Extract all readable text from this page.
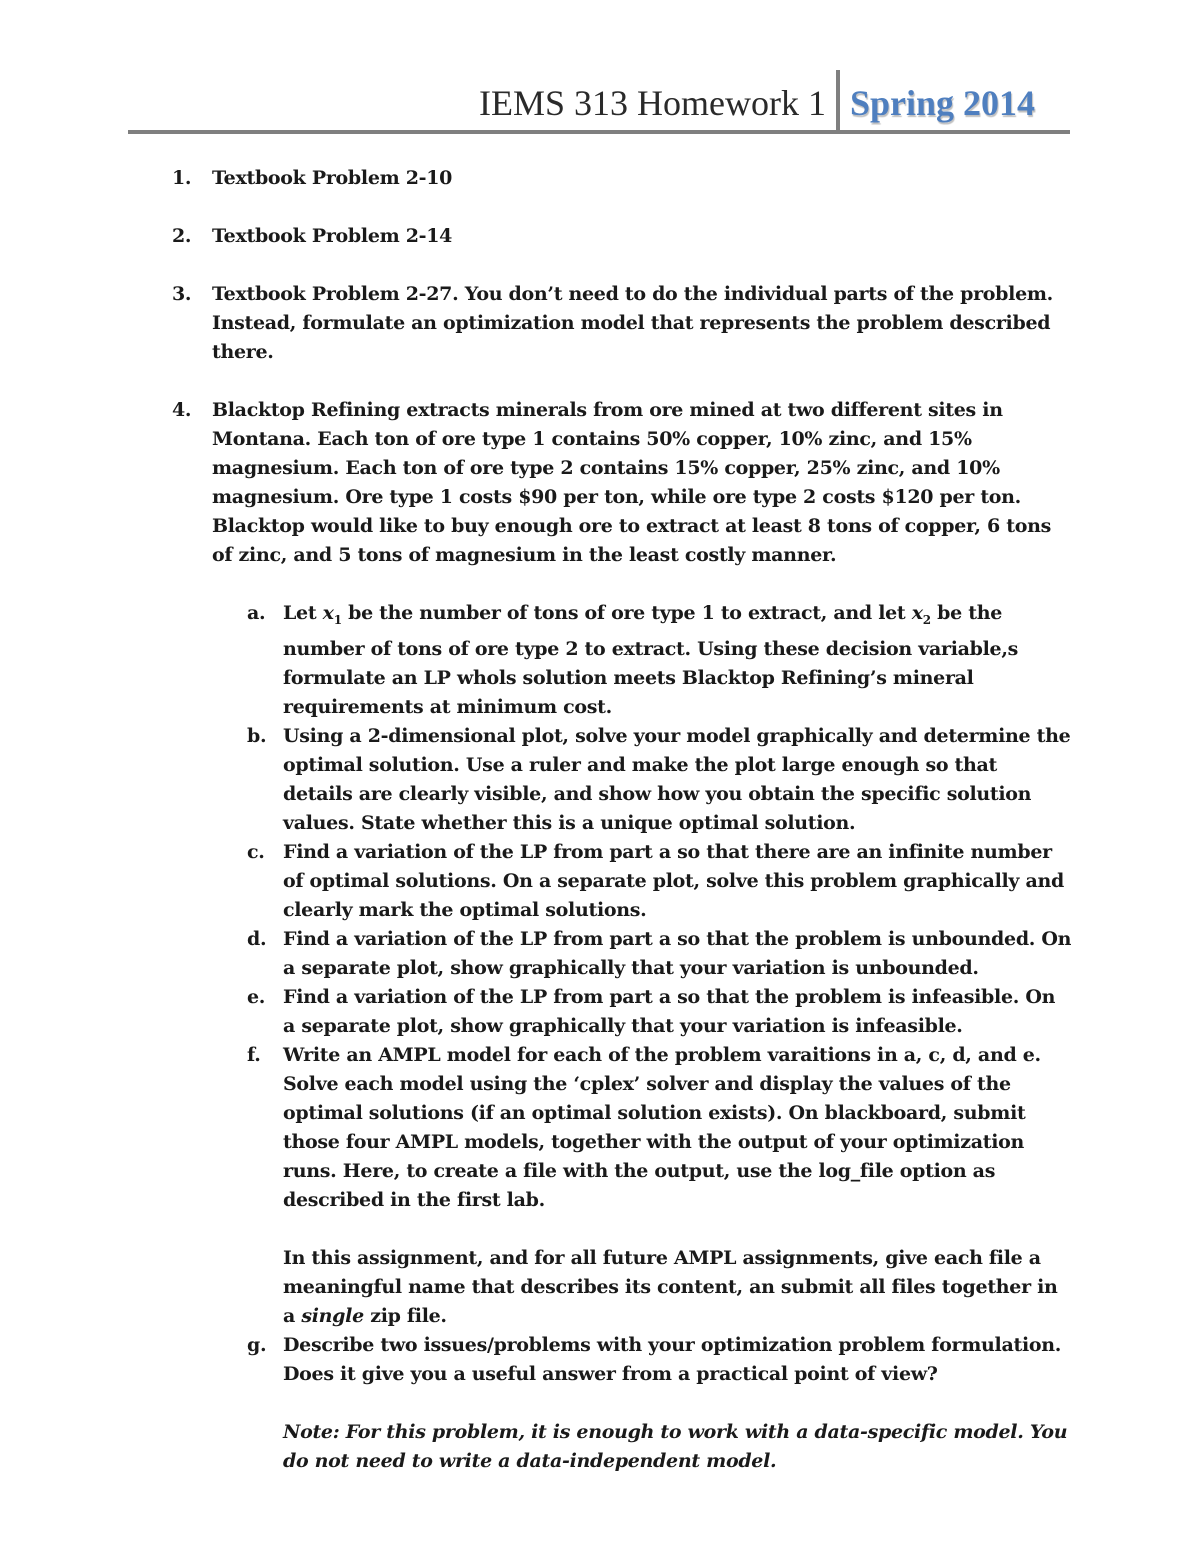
IEMS 313 Homework 1 Spring 2014
1. Textbook Problem 2-10
2. Textbook Problem 2-14
3. Textbook Problem 2-27. You don’t need to do the individual parts of the problem. Instead, formulate an optimization model that represents the problem described there.
4. Blacktop Refining extracts minerals from ore mined at two different sites in Montana. Each ton of ore type 1 contains 50% copper, 10% zinc, and 15% magnesium. Each ton of ore type 2 contains 15% copper, 25% zinc, and 10% magnesium. Ore type 1 costs $90 per ton, while ore type 2 costs $120 per ton. Blacktop would like to buy enough ore to extract at least 8 tons of copper, 6 tons of zinc, and 5 tons of magnesium in the least costly manner.
a. Let $x_1$ be the number of tons of ore type 1 to extract, and let $x_2$ be the number of tons of ore type 2 to extract. Using these decision variable,s formulate an LP whols solution meets Blacktop Refining’s mineral requirements at minimum cost.
b. Using a 2-dimensional plot, solve your model graphically and determine the optimal solution. Use a ruler and make the plot large enough so that details are clearly visible, and show how you obtain the specific solution values. State whether this is a unique optimal solution.
c. Find a variation of the LP from part a so that there are an infinite number of optimal solutions. On a separate plot, solve this problem graphically and clearly mark the optimal solutions.
d. Find a variation of the LP from part a so that the problem is unbounded. On a separate plot, show graphically that your variation is unbounded.
e. Find a variation of the LP from part a so that the problem is infeasible. On a separate plot, show graphically that your variation is infeasible.
f. Write an AMPL model for each of the problem varaitions in a, c, d, and e. Solve each model using the ‘cplex’ solver and display the values of the optimal solutions (if an optimal solution exists). On blackboard, submit those four AMPL models, together with the output of your optimization runs. Here, to create a file with the output, use the log_file option as described in the first lab.
In this assignment, and for all future AMPL assignments, give each file a meaningful name that describes its content, an submit all files together in a single zip file.
g. Describe two issues/problems with your optimization problem formulation. Does it give you a useful answer from a practical point of view?
Note: For this problem, it is enough to work with a data-specific model. You do not need to write a data-independent model.
